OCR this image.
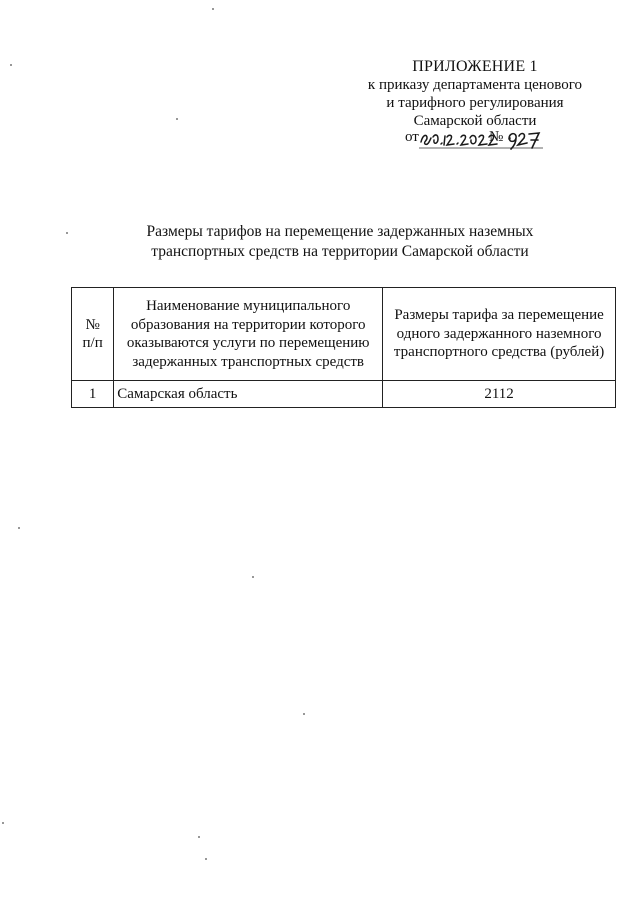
ПРИЛОЖЕНИЕ 1
к приказу департамента ценового
и тарифного регулирования
Самарской области
от	№
Размеры тарифов на перемещение задержанных наземных
транспортных средств на территории Самарской области
№
п/п	Наименование муниципального образования на территории которого оказываются услуги по перемещению задержанных транспортных средств	Размеры тарифа за перемещение одного задержанного наземного транспортного средства (рублей)
1	Самарская область	2112
